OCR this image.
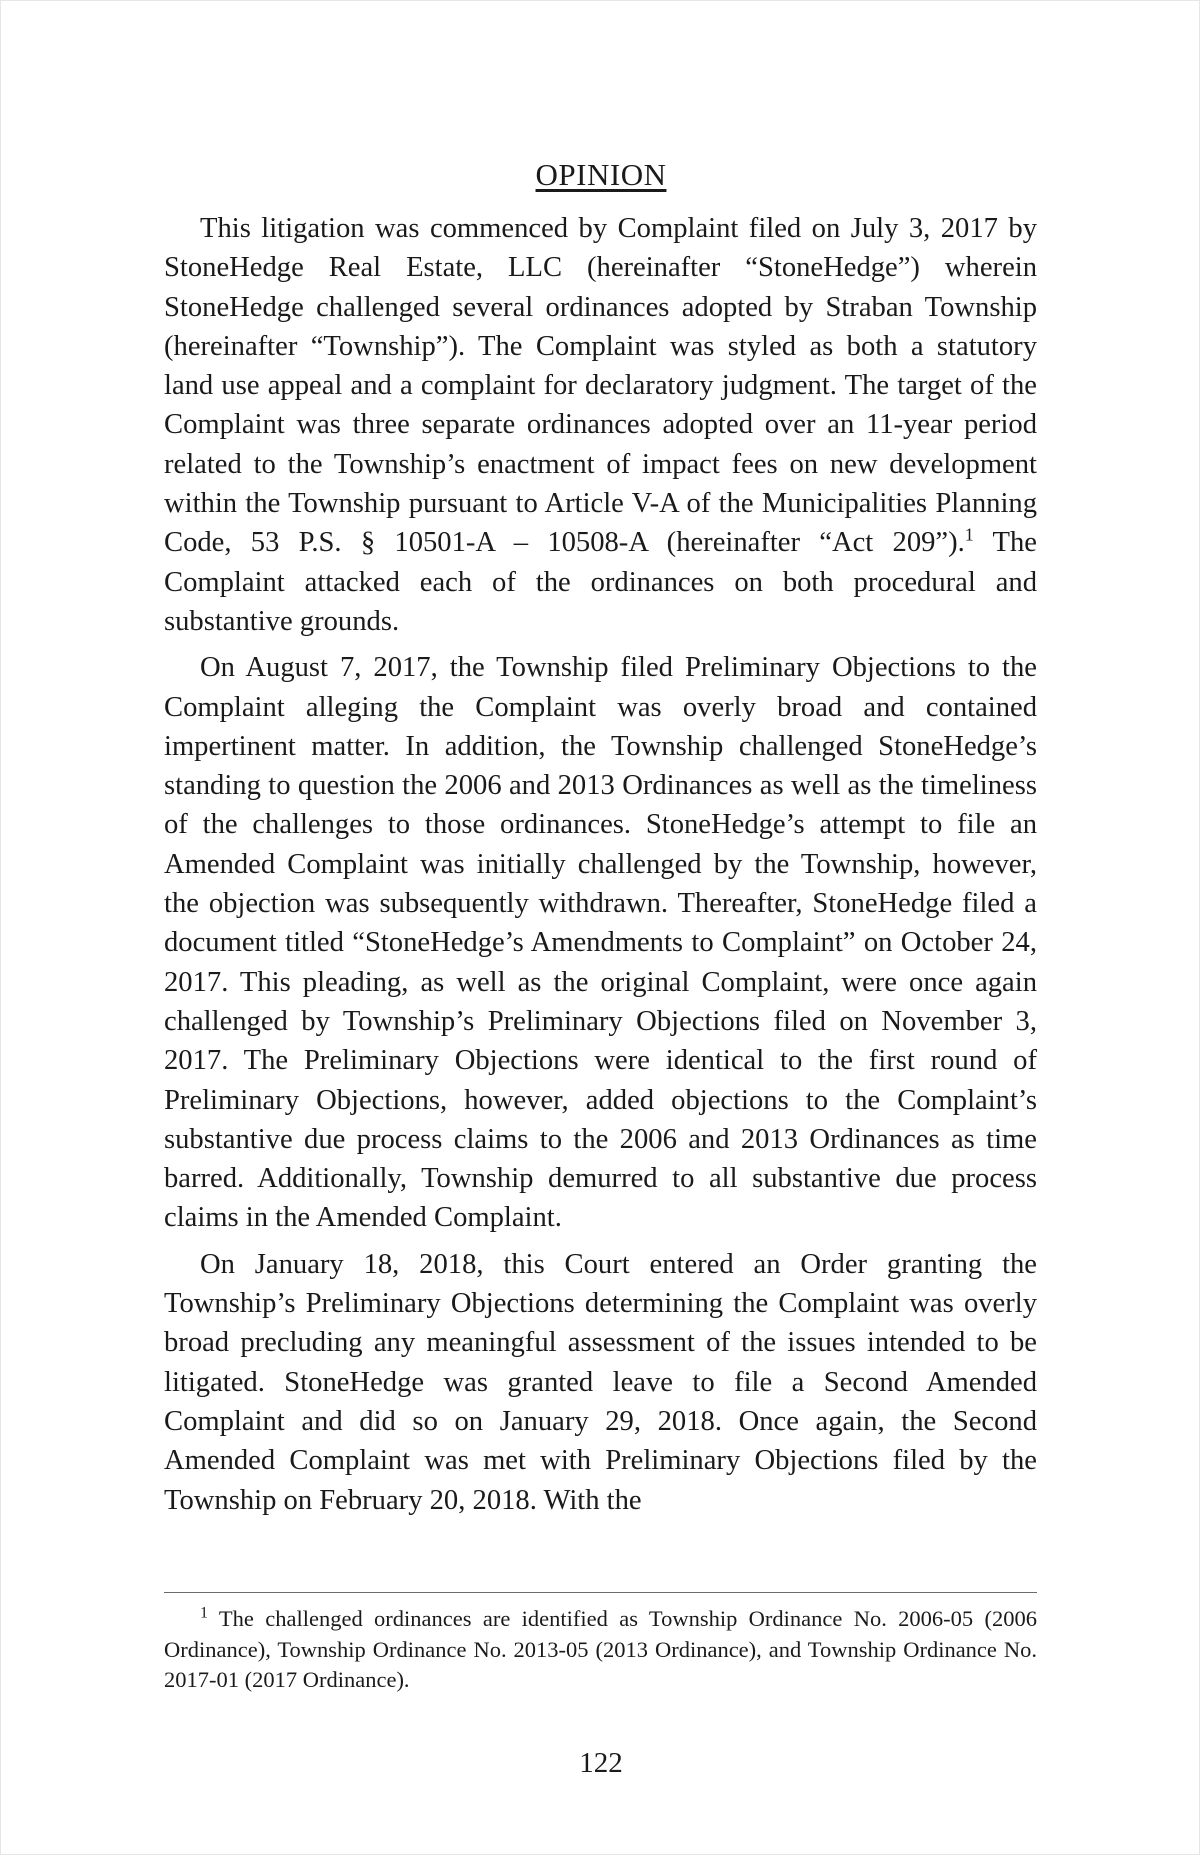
OPINION

This litigation was commenced by Complaint filed on July 3, 2017 by StoneHedge Real Estate, LLC (hereinafter “StoneHedge”) wherein StoneHedge challenged several ordinances adopted by Straban Township (hereinafter “Township”). The Complaint was styled as both a statutory land use appeal and a complaint for declaratory judgment. The target of the Complaint was three separate ordinances adopted over an 11-year period related to the Township’s enactment of impact fees on new development within the Township pursuant to Article V-A of the Municipalities Planning Code, 53 P.S. § 10501-A – 10508-A (hereinafter “Act 209”).$^1$ The Complaint attacked each of the ordinances on both procedural and substantive grounds.

On August 7, 2017, the Township filed Preliminary Objections to the Complaint alleging the Complaint was overly broad and contained impertinent matter. In addition, the Township challenged StoneHedge’s standing to question the 2006 and 2013 Ordinances as well as the timeliness of the challenges to those ordinances. StoneHedge’s attempt to file an Amended Complaint was initially challenged by the Township, however, the objection was subsequently withdrawn. Thereafter, StoneHedge filed a document titled “StoneHedge’s Amendments to Complaint” on October 24, 2017. This pleading, as well as the original Complaint, were once again challenged by Township’s Preliminary Objections filed on November 3, 2017. The Preliminary Objections were identical to the first round of Preliminary Objections, however, added objections to the Complaint’s substantive due process claims to the 2006 and 2013 Ordinances as time barred. Additionally, Township demurred to all substantive due process claims in the Amended Complaint.

On January 18, 2018, this Court entered an Order granting the Township’s Preliminary Objections determining the Complaint was overly broad precluding any meaningful assessment of the issues intended to be litigated. StoneHedge was granted leave to file a Second Amended Complaint and did so on January 29, 2018. Once again, the Second Amended Complaint was met with Preliminary Objections filed by the Township on February 20, 2018. With the

$^1$ The challenged ordinances are identified as Township Ordinance No. 2006-05 (2006 Ordinance), Township Ordinance No. 2013-05 (2013 Ordinance), and Township Ordinance No. 2017-01 (2017 Ordinance).

122
